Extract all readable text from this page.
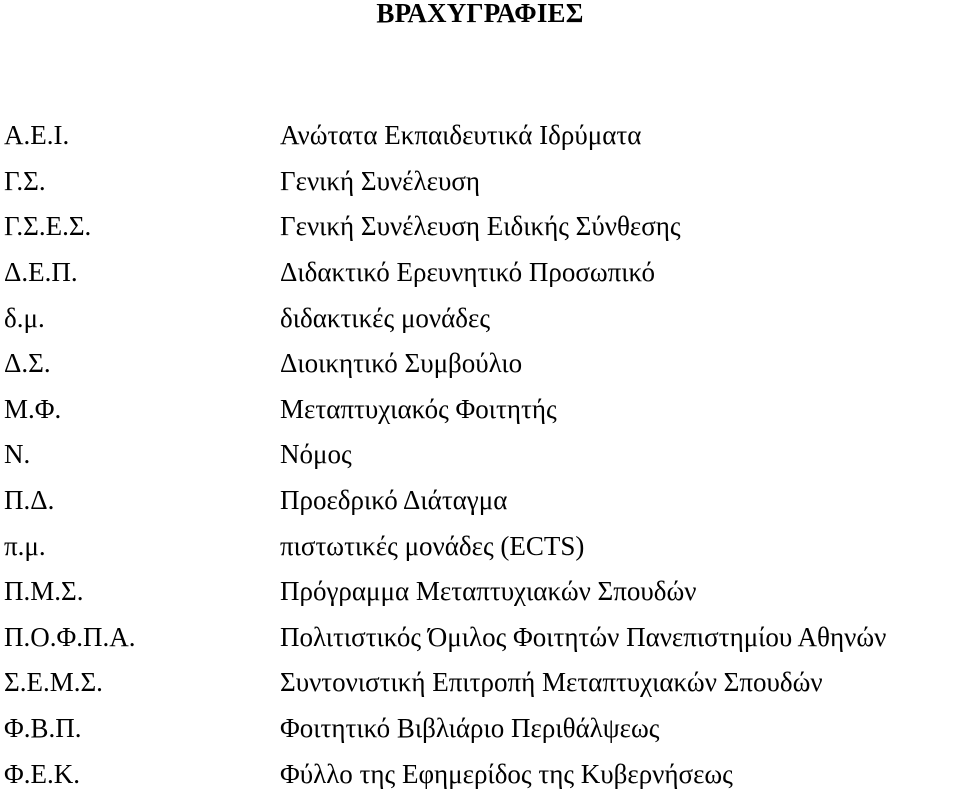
ΒΡΑΧΥΓΡΑΦΙΕΣ
Α.Ε.Ι.	Ανώτατα Εκπαιδευτικά Ιδρύματα
Γ.Σ.	Γενική Συνέλευση
Γ.Σ.Ε.Σ.	Γενική Συνέλευση Ειδικής Σύνθεσης
Δ.Ε.Π.	Διδακτικό Ερευνητικό Προσωπικό
δ.μ.	διδακτικές μονάδες
Δ.Σ.	Διοικητικό Συμβούλιο
Μ.Φ.	Μεταπτυχιακός Φοιτητής
Ν.	Νόμος
Π.Δ.	Προεδρικό Διάταγμα
π.μ.	πιστωτικές μονάδες (ECTS)
Π.Μ.Σ.	Πρόγραμμα Μεταπτυχιακών Σπουδών
Π.Ο.Φ.Π.Α.	Πολιτιστικός Όμιλος Φοιτητών Πανεπιστημίου Αθηνών
Σ.Ε.Μ.Σ.	Συντονιστική Επιτροπή Μεταπτυχιακών Σπουδών
Φ.Β.Π.	Φοιτητικό Βιβλιάριο Περιθάλψεως
Φ.Ε.Κ.	Φύλλο της Εφημερίδος της Κυβερνήσεως
